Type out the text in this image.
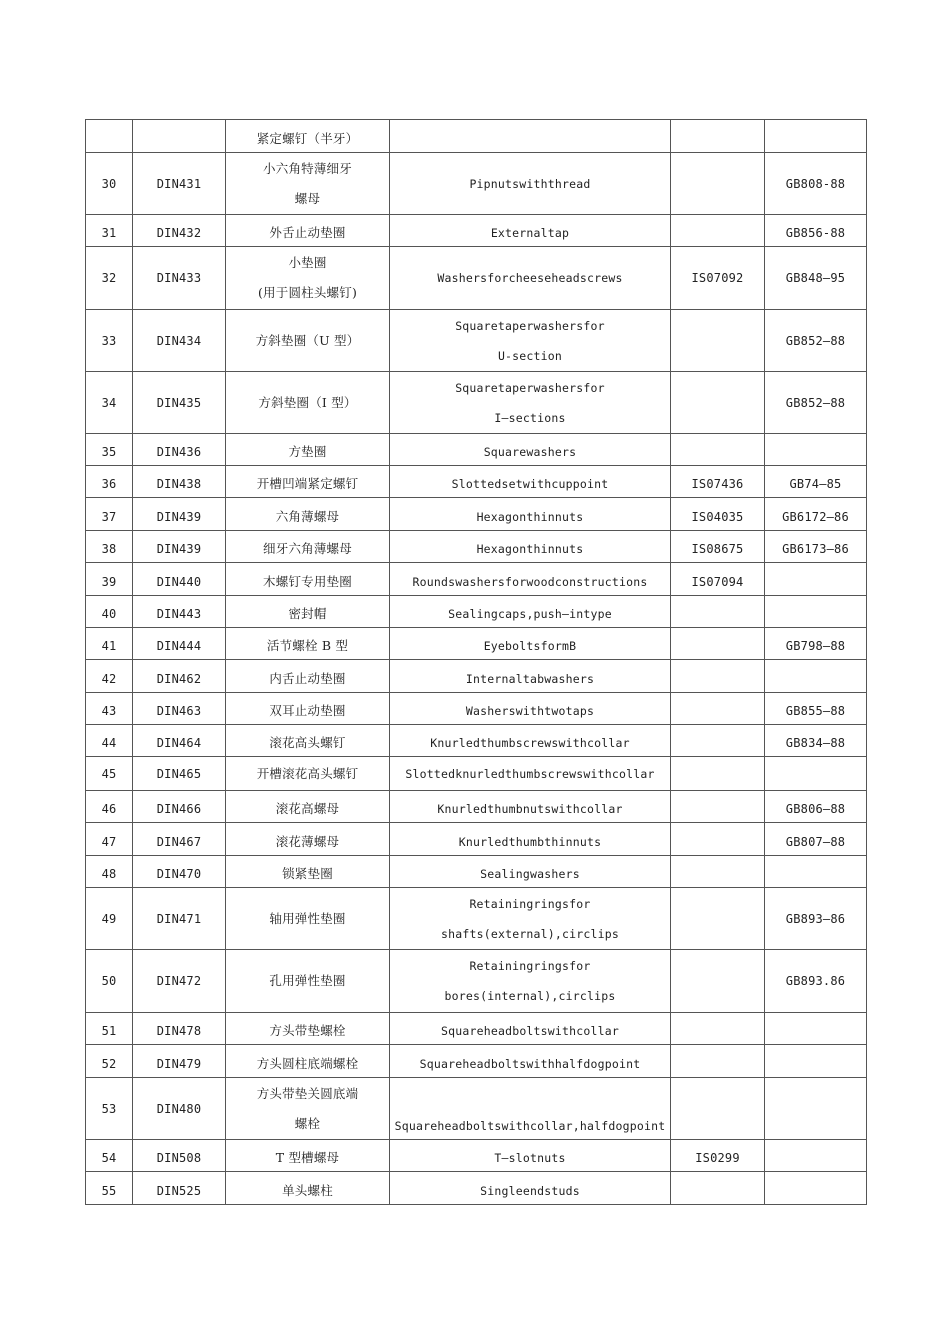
		紧定螺钉（半牙）			

30	DIN431	小六角特薄细牙
螺母	Pipnutswiththread		GB808-88

31	DIN432	外舌止动垫圈	Externaltap		GB856-88

32	DIN433	小垫圈
(用于圆柱头螺钉)	Washersforcheeseheadscrews	IS07092	GB848—95

33	DIN434	方斜垫圈（U 型）	Squaretaperwashersfor
U-section		GB852—88

34	DIN435	方斜垫圈（I 型）	Squaretaperwashersfor
I—sections		GB852—88

35	DIN436	方垫圈	Squarewashers		

36	DIN438	开槽凹端紧定螺钉	Slottedsetwithcuppoint	IS07436	GB74—85

37	DIN439	六角薄螺母	Hexagonthinnuts	IS04035	GB6172—86

38	DIN439	细牙六角薄螺母	Hexagonthinnuts	IS08675	GB6173—86

39	DIN440	木螺钉专用垫圈	Roundswashersforwoodconstructions	IS07094	

40	DIN443	密封帽	Sealingcaps,push—intype		

41	DIN444	活节螺栓 B 型	EyeboltsformB		GB798—88

42	DIN462	内舌止动垫圈	Internaltabwashers		

43	DIN463	双耳止动垫圈	Washerswithtwotaps		GB855—88

44	DIN464	滚花高头螺钉	Knurledthumbscrewswithcollar		GB834—88

45	DIN465	开槽滚花高头螺钉	Slottedknurledthumbscrewswithcollar		

46	DIN466	滚花高螺母	Knurledthumbnutswithcollar		GB806—88

47	DIN467	滚花薄螺母	Knurledthumbthinnuts		GB807—88

48	DIN470	锁紧垫圈	Sealingwashers		

49	DIN471	轴用弹性垫圈	Retainingringsfor
shafts(external),circlips		GB893—86

50	DIN472	孔用弹性垫圈	Retainingringsfor
bores(internal),circlips		GB893.86

51	DIN478	方头带垫螺栓	Squareheadboltswithcollar		

52	DIN479	方头圆柱底端螺栓	Squareheadboltswithhalfdogpoint		

53	DIN480	方头带垫关圆底端
螺栓	Squareheadboltswithcollar,halfdogpoint		

54	DIN508	T 型槽螺母	T—slotnuts	IS0299	

55	DIN525	单头螺柱	Singleendstuds		
